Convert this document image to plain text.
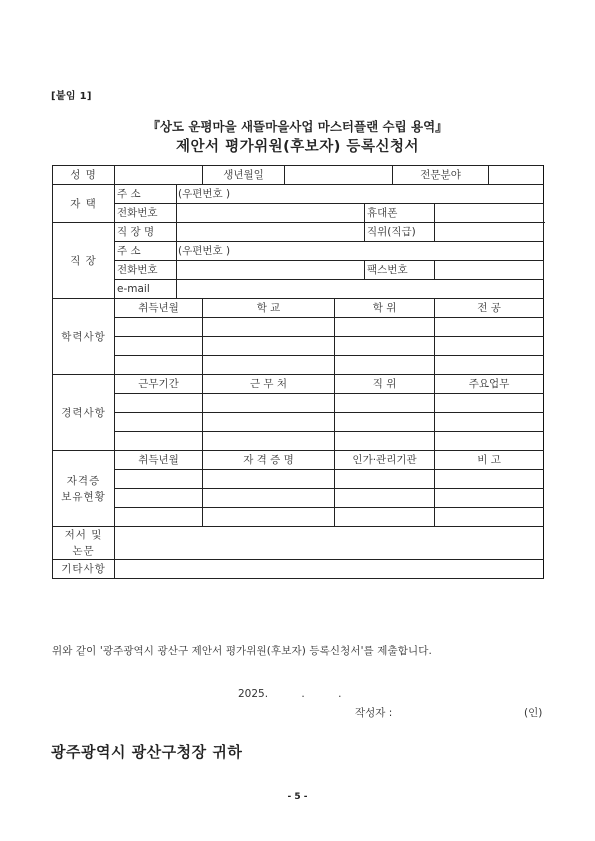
[붙임 1]
『상도 운평마을 새뜰마을사업 마스터플랜 수립 용역』
제안서 평가위원(후보자) 등록신청서
성 명			생년월일				전문분야		
자 택	주 소	(우편번호 )							
	전화번호					휴대폰			
직 장	직 장 명					직위(직급)			
	주 소	(우편번호 )							
	전화번호					팩스번호			
	e-mail								
학력사항	취득년월		학 교		학 위			전 공	

경력사항	근무기간		근 무 처		직 위			주요업무	

자격증
보유현황	취득년월		자 격 증 명		인가·관리기관			비 고	

저서 및
논문									

기타사항									
위와 같이 '광주광역시 광산구 제안서 평가위원(후보자) 등록신청서'를 제출합니다.
2025. . .
작성자 :	(인)
광주광역시 광산구청장 귀하
- 5 -
